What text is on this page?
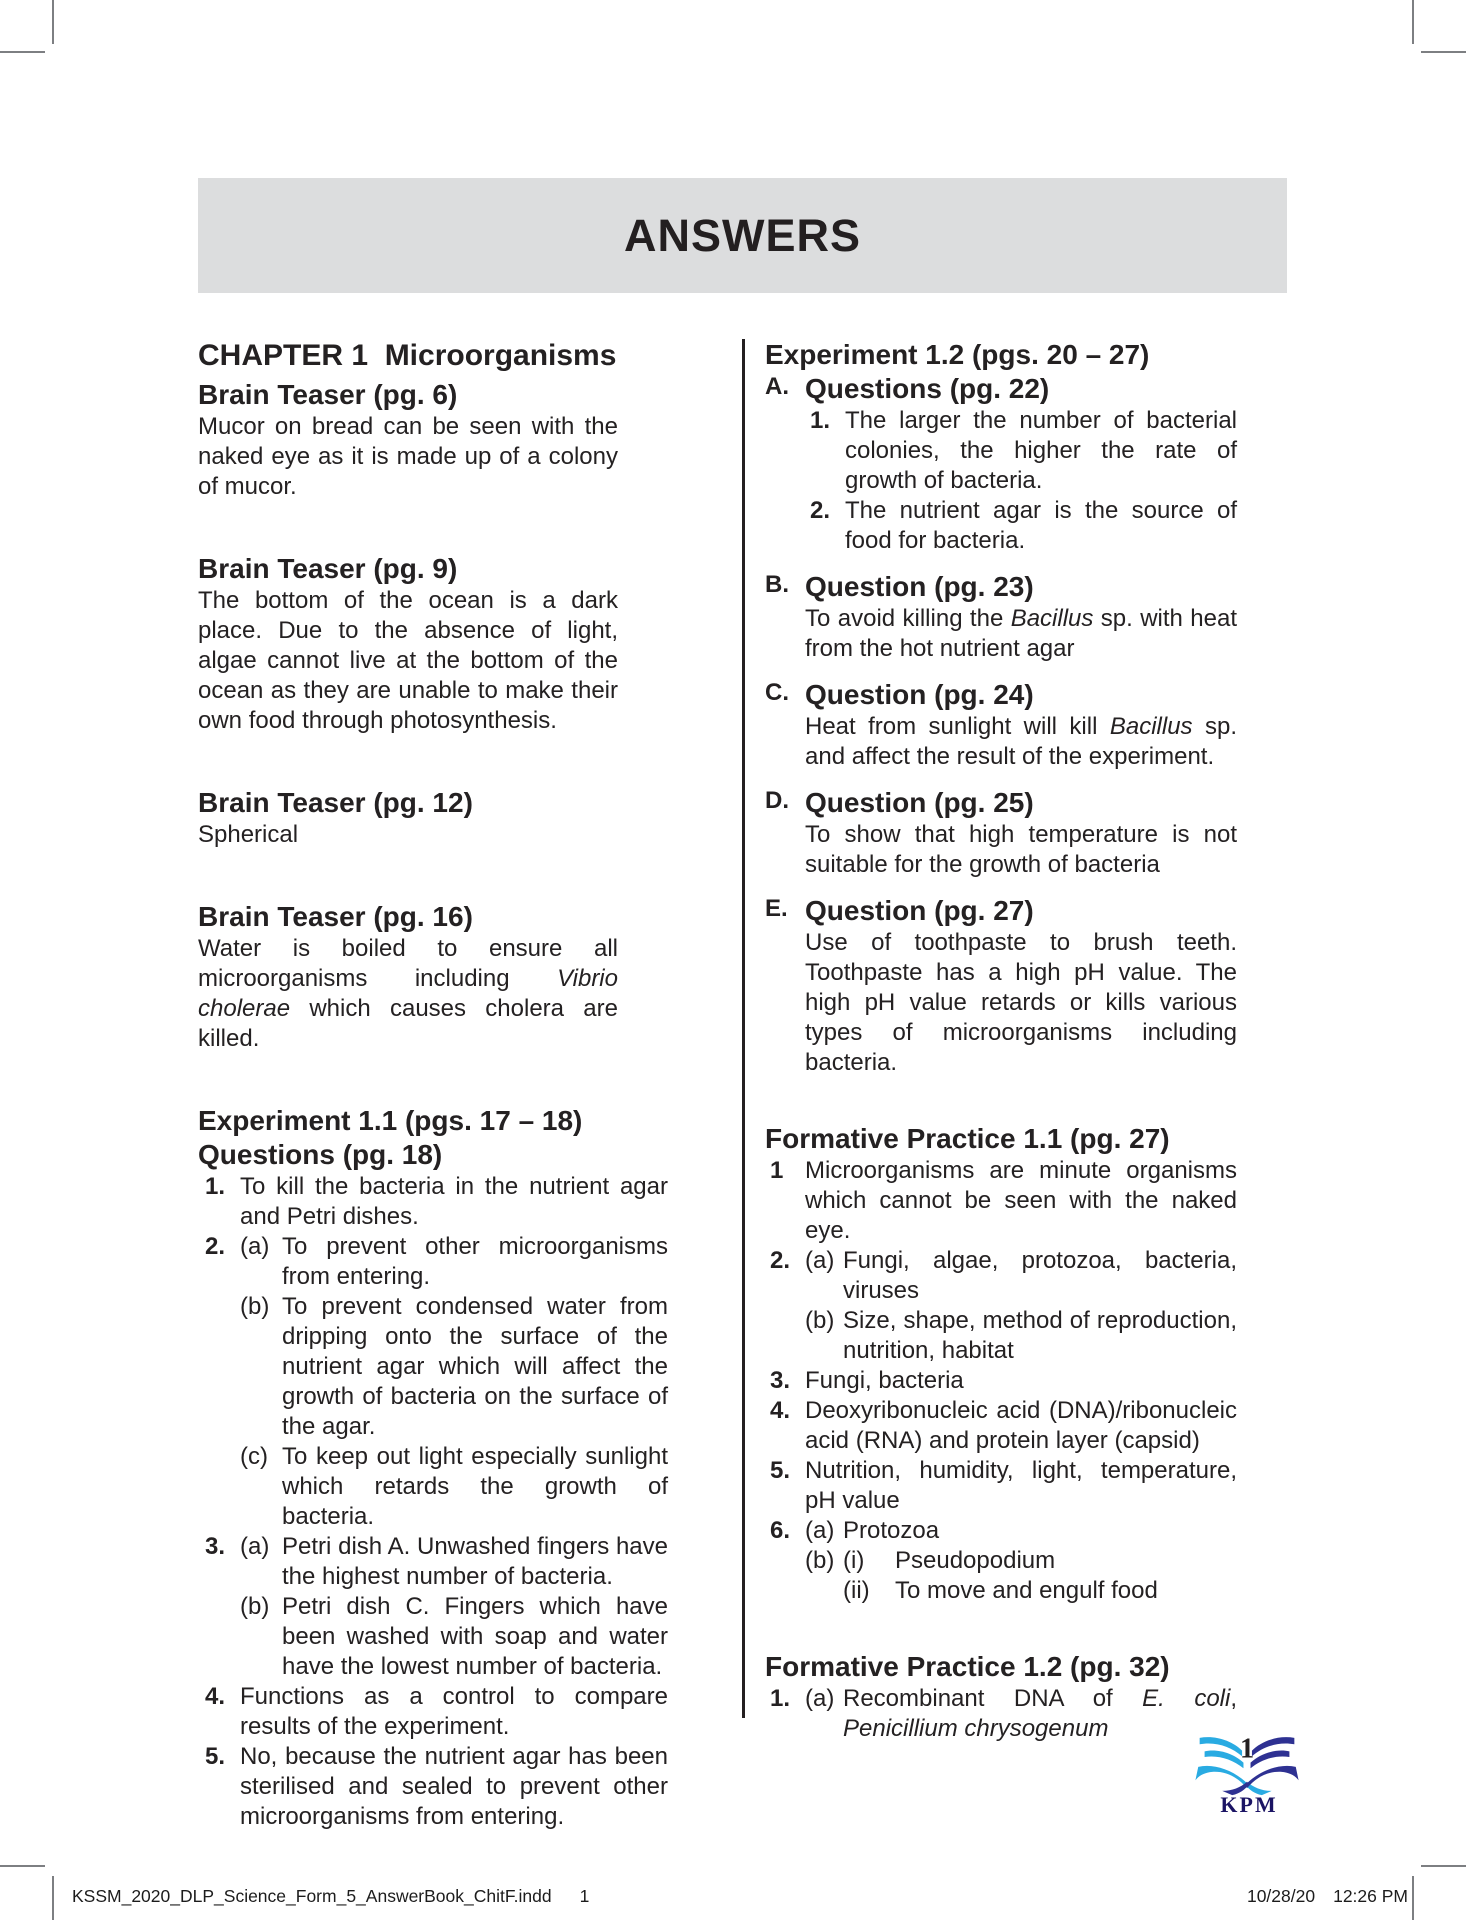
ANSWERS
CHAPTER 1  Microorganisms
Brain Teaser (pg. 6)

Mucor on bread can be seen with the naked eye as it is made up of a colony of mucor.

Brain Teaser (pg. 9)

The bottom of the ocean is a dark place. Due to the absence of light, algae cannot live at the bottom of the ocean as they are unable to make their own food through photosynthesis.

Brain Teaser (pg. 12)

Spherical

Brain Teaser (pg. 16)

Water is boiled to ensure all microorganisms including Vibrio cholerae which causes cholera are killed.

Experiment 1.1 (pgs. 17 – 18)
Questions (pg. 18)
1. To kill the bacteria in the nutrient agar and Petri dishes.
2. (a) To prevent other microorganisms from entering.
(b) To prevent condensed water from dripping onto the surface of the nutrient agar which will affect the growth of bacteria on the surface of the agar.
(c) To keep out light especially sunlight which retards the growth of bacteria.
3. (a) Petri dish A. Unwashed fingers have the highest number of bacteria.
(b) Petri dish C. Fingers which have been washed with soap and water have the lowest number of bacteria.
4. Functions as a control to compare results of the experiment.
5. No, because the nutrient agar has been sterilised and sealed to prevent other microorganisms from entering.
Experiment 1.2 (pgs. 20 – 27)
A. Questions (pg. 22)
1. The larger the number of bacterial colonies, the higher the rate of growth of bacteria.
2. The nutrient agar is the source of food for bacteria.
B. Question (pg. 23)
To avoid killing the Bacillus sp. with heat from the hot nutrient agar
C. Question (pg. 24)
Heat from sunlight will kill Bacillus sp. and affect the result of the experiment.
D. Question (pg. 25)
To show that high temperature is not suitable for the growth of bacteria
E. Question (pg. 27)
Use of toothpaste to brush teeth. Toothpaste has a high pH value. The high pH value retards or kills various types of microorganisms including bacteria.
Formative Practice 1.1 (pg. 27)
1 Microorganisms are minute organisms which cannot be seen with the naked eye.
2. (a) Fungi, algae, protozoa, bacteria, viruses
(b) Size, shape, method of reproduction, nutrition, habitat
3. Fungi, bacteria
4. Deoxyribonucleic acid (DNA)/ribonucleic acid (RNA) and protein layer (capsid)
5. Nutrition, humidity, light, temperature, pH value
6. (a) Protozoa
(b) (i)	Pseudopodium
(ii)	To move and engulf food
Formative Practice 1.2 (pg. 32)
1. (a) Recombinant DNA of E. coli, Penicillium chrysogenum
1
KPM
KSSM_2020_DLP_Science_Form_5_AnswerBook_ChitF.indd 1	10/28/20 12:26 PM
